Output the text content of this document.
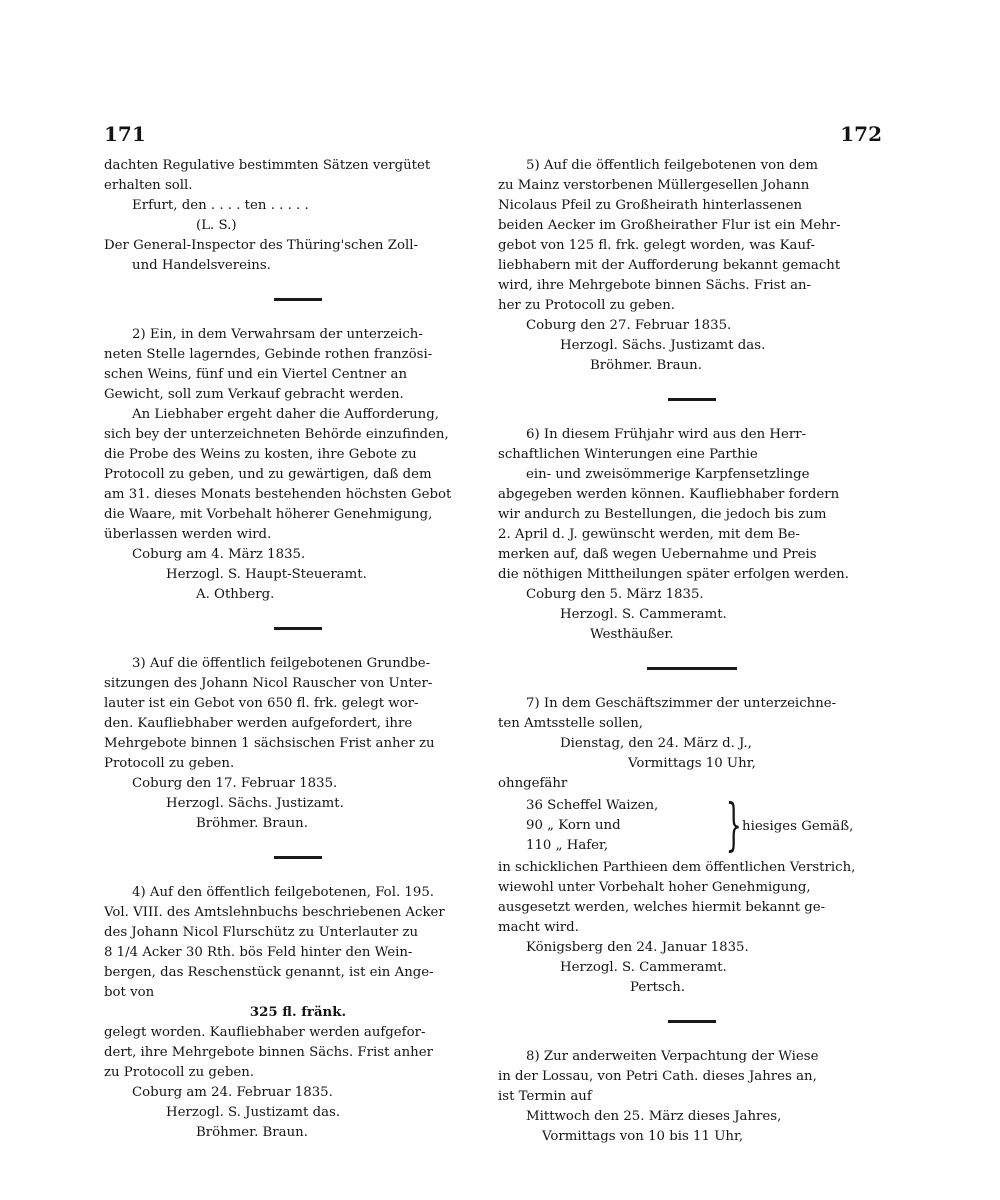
171	172

dachten Regulative bestimmten Sätzen vergütet

erhalten soll.

Erfurt, den . . . . ten . . . . .

(L. S.)

Der General-Inspector des Thüring'schen Zoll-

und Handelsvereins.

2) Ein, in dem Verwahrsam der unterzeich-

neten Stelle lagerndes, Gebinde rothen französi-

schen Weins, fünf und ein Viertel Centner an

Gewicht, soll zum Verkauf gebracht werden.

An Liebhaber ergeht daher die Aufforderung,

sich bey der unterzeichneten Behörde einzufinden,

die Probe des Weins zu kosten, ihre Gebote zu

Protocoll zu geben, und zu gewärtigen, daß dem

am 31. dieses Monats bestehenden höchsten Gebot

die Waare, mit Vorbehalt höherer Genehmigung,

überlassen werden wird.

Coburg am 4. März 1835.

Herzogl. S. Haupt-Steueramt.

A. Othberg.

3) Auf die öffentlich feilgebotenen Grundbe-

sitzungen des Johann Nicol Rauscher von Unter-

lauter ist ein Gebot von 650 fl. frk. gelegt wor-

den. Kaufliebhaber werden aufgefordert, ihre

Mehrgebote binnen 1 sächsischen Frist anher zu

Protocoll zu geben.

Coburg den 17. Februar 1835.

Herzogl. Sächs. Justizamt.

Bröhmer. Braun.

4) Auf den öffentlich feilgebotenen, Fol. 195.

Vol. VIII. des Amtslehnbuchs beschriebenen Acker

des Johann Nicol Flurschütz zu Unterlauter zu

8 1/4 Acker 30 Rth. bös Feld hinter den Wein-

bergen, das Reschenstück genannt, ist ein Ange-

bot von

325 fl. fränk.

gelegt worden. Kaufliebhaber werden aufgefor-

dert, ihre Mehrgebote binnen Sächs. Frist anher

zu Protocoll zu geben.

Coburg am 24. Februar 1835.

Herzogl. S. Justizamt das.

Bröhmer. Braun.

5) Auf die öffentlich feilgebotenen von dem

zu Mainz verstorbenen Müllergesellen Johann

Nicolaus Pfeil zu Großheirath hinterlassenen

beiden Aecker im Großheirather Flur ist ein Mehr-

gebot von 125 fl. frk. gelegt worden, was Kauf-

liebhabern mit der Aufforderung bekannt gemacht

wird, ihre Mehrgebote binnen Sächs. Frist an-

her zu Protocoll zu geben.

Coburg den 27. Februar 1835.

Herzogl. Sächs. Justizamt das.

Bröhmer. Braun.

6) In diesem Frühjahr wird aus den Herr-

schaftlichen Winterungen eine Parthie

ein- und zweisömmerige Karpfensetzlinge

abgegeben werden können. Kaufliebhaber fordern

wir andurch zu Bestellungen, die jedoch bis zum

2. April d. J. gewünscht werden, mit dem Be-

merken auf, daß wegen Uebernahme und Preis

die nöthigen Mittheilungen später erfolgen werden.

Coburg den 5. März 1835.

Herzogl. S. Cammeramt.

Westhäußer.

7) In dem Geschäftszimmer der unterzeichne-

ten Amtsstelle sollen,

Dienstag, den 24. März d. J.,

Vormittags 10 Uhr,

ohngefähr

36 Scheffel Waizen,
90 „ Korn und
110 „ Hafer, } hiesiges Gemäß,

in schicklichen Parthieen dem öffentlichen Verstrich,

wiewohl unter Vorbehalt hoher Genehmigung,

ausgesetzt werden, welches hiermit bekannt ge-

macht wird.

Königsberg den 24. Januar 1835.

Herzogl. S. Cammeramt.

Pertsch.

8) Zur anderweiten Verpachtung der Wiese

in der Lossau, von Petri Cath. dieses Jahres an,

ist Termin auf

Mittwoch den 25. März dieses Jahres,

Vormittags von 10 bis 11 Uhr,
